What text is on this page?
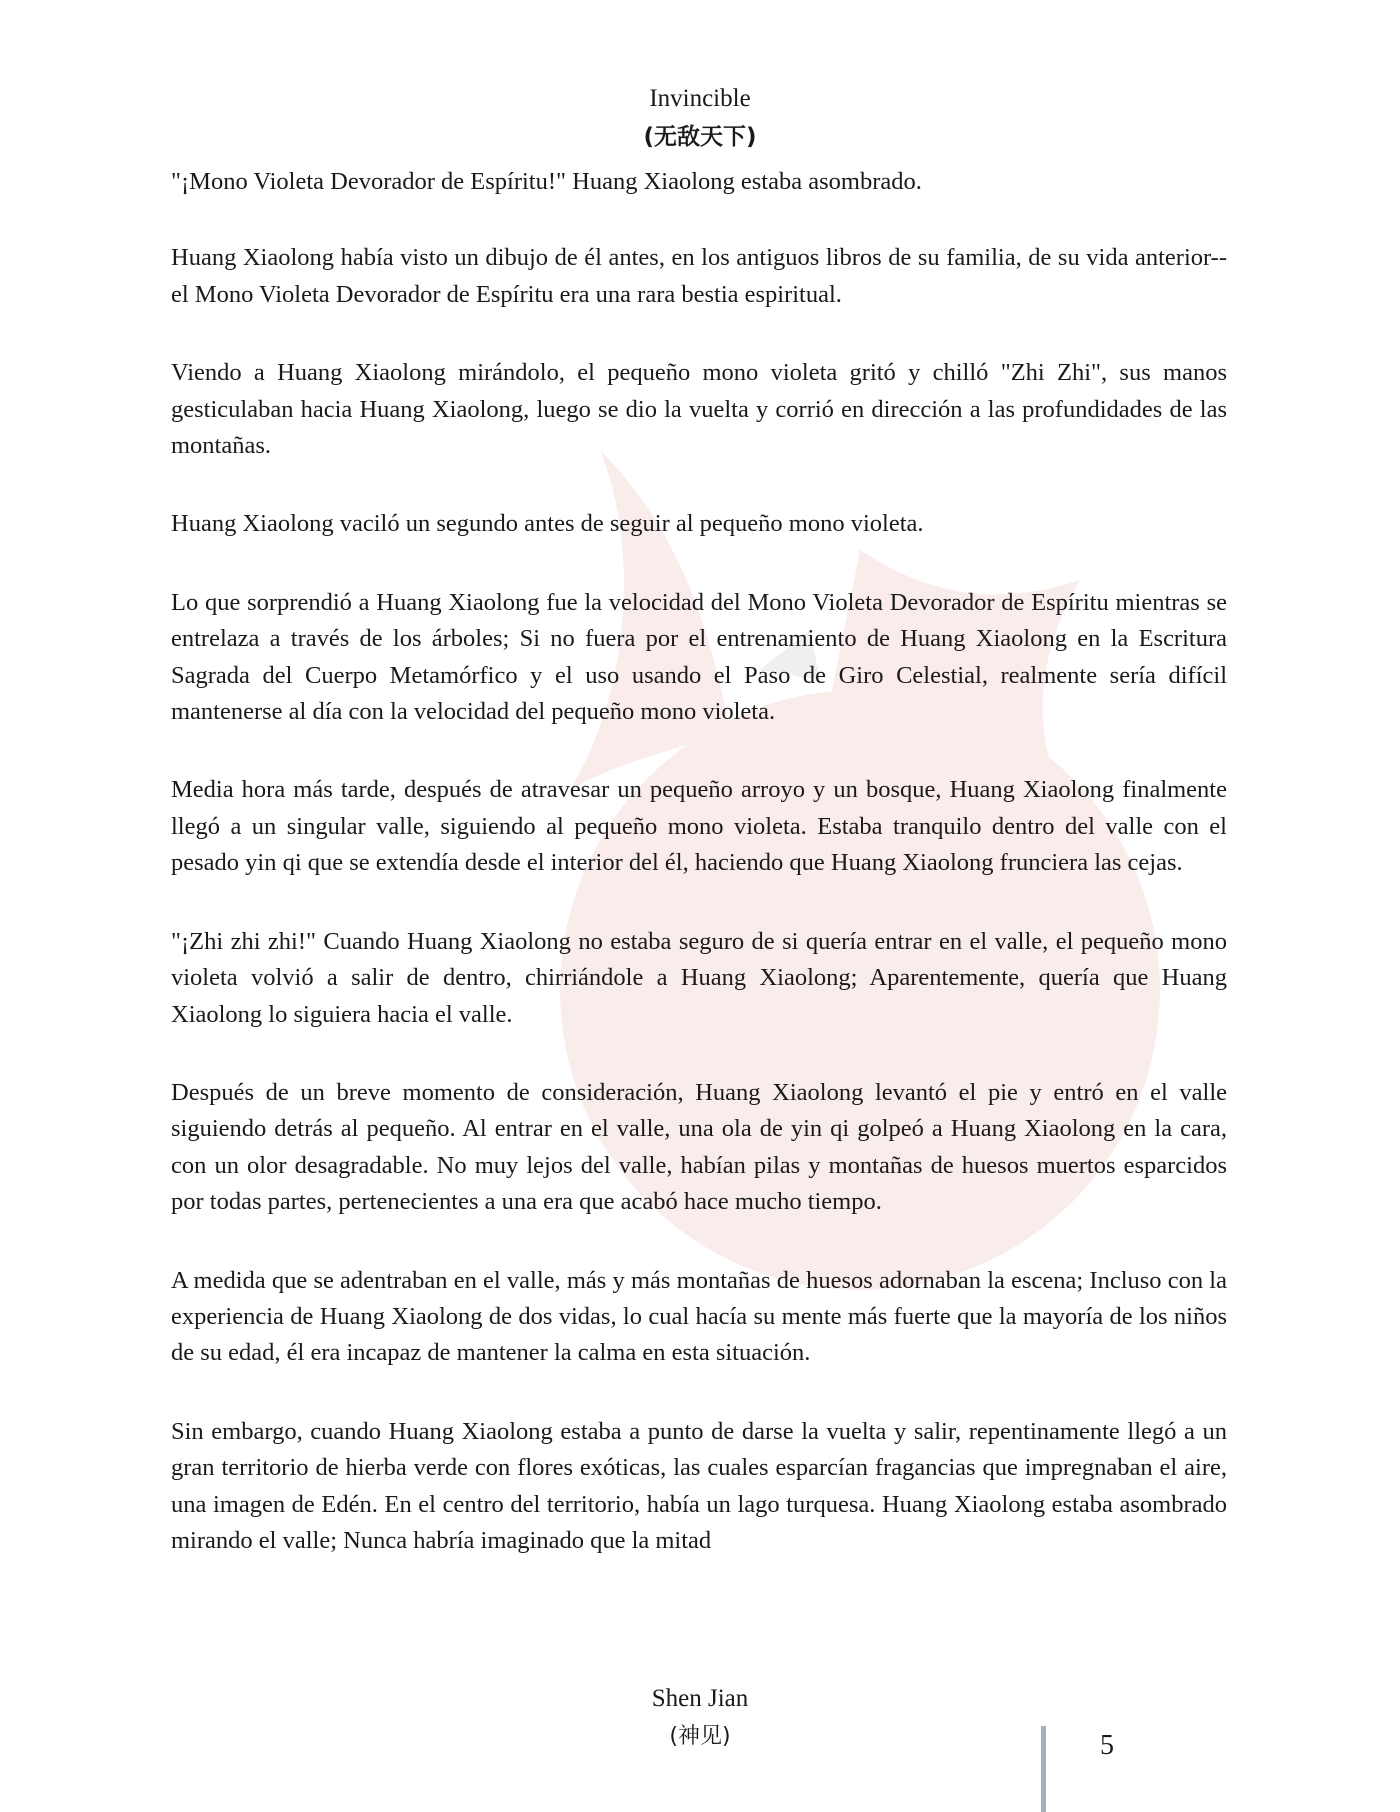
Invincible
(无敌天下)

"¡Mono Violeta Devorador de Espíritu!" Huang Xiaolong estaba asombrado.

Huang Xiaolong había visto un dibujo de él antes, en los antiguos libros de su familia, de su vida anterior-- el Mono Violeta Devorador de Espíritu era una rara bestia espiritual.

Viendo a Huang Xiaolong mirándolo, el pequeño mono violeta gritó y chilló "Zhi Zhi", sus manos gesticulaban hacia Huang Xiaolong, luego se dio la vuelta y corrió en dirección a las profundidades de las montañas.

Huang Xiaolong vaciló un segundo antes de seguir al pequeño mono violeta.

Lo que sorprendió a Huang Xiaolong fue la velocidad del Mono Violeta Devorador de Espíritu mientras se entrelaza a través de los árboles; Si no fuera por el entrenamiento de Huang Xiaolong en la Escritura Sagrada del Cuerpo Metamórfico y el uso usando el Paso de Giro Celestial, realmente sería difícil mantenerse al día con la velocidad del pequeño mono violeta.

Media hora más tarde, después de atravesar un pequeño arroyo y un bosque, Huang Xiaolong finalmente llegó a un singular valle, siguiendo al pequeño mono violeta. Estaba tranquilo dentro del valle con el pesado yin qi que se extendía desde el interior del él, haciendo que Huang Xiaolong frunciera las cejas.

"¡Zhi zhi zhi!" Cuando Huang Xiaolong no estaba seguro de si quería entrar en el valle, el pequeño mono violeta volvió a salir de dentro, chirriándole a Huang Xiaolong; Aparentemente, quería que Huang Xiaolong lo siguiera hacia el valle.

Después de un breve momento de consideración, Huang Xiaolong levantó el pie y entró en el valle siguiendo detrás al pequeño. Al entrar en el valle, una ola de yin qi golpeó a Huang Xiaolong en la cara, con un olor desagradable. No muy lejos del valle, habían pilas y montañas de huesos muertos esparcidos por todas partes, pertenecientes a una era que acabó hace mucho tiempo.

A medida que se adentraban en el valle, más y más montañas de huesos adornaban la escena; Incluso con la experiencia de Huang Xiaolong de dos vidas, lo cual hacía su mente más fuerte que la mayoría de los niños de su edad, él era incapaz de mantener la calma en esta situación.

Sin embargo, cuando Huang Xiaolong estaba a punto de darse la vuelta y salir, repentinamente llegó a un gran territorio de hierba verde con flores exóticas, las cuales esparcían fragancias que impregnaban el aire, una imagen de Edén. En el centro del territorio, había un lago turquesa. Huang Xiaolong estaba asombrado mirando el valle; Nunca habría imaginado que la mitad

Shen Jian
(神见)	5
